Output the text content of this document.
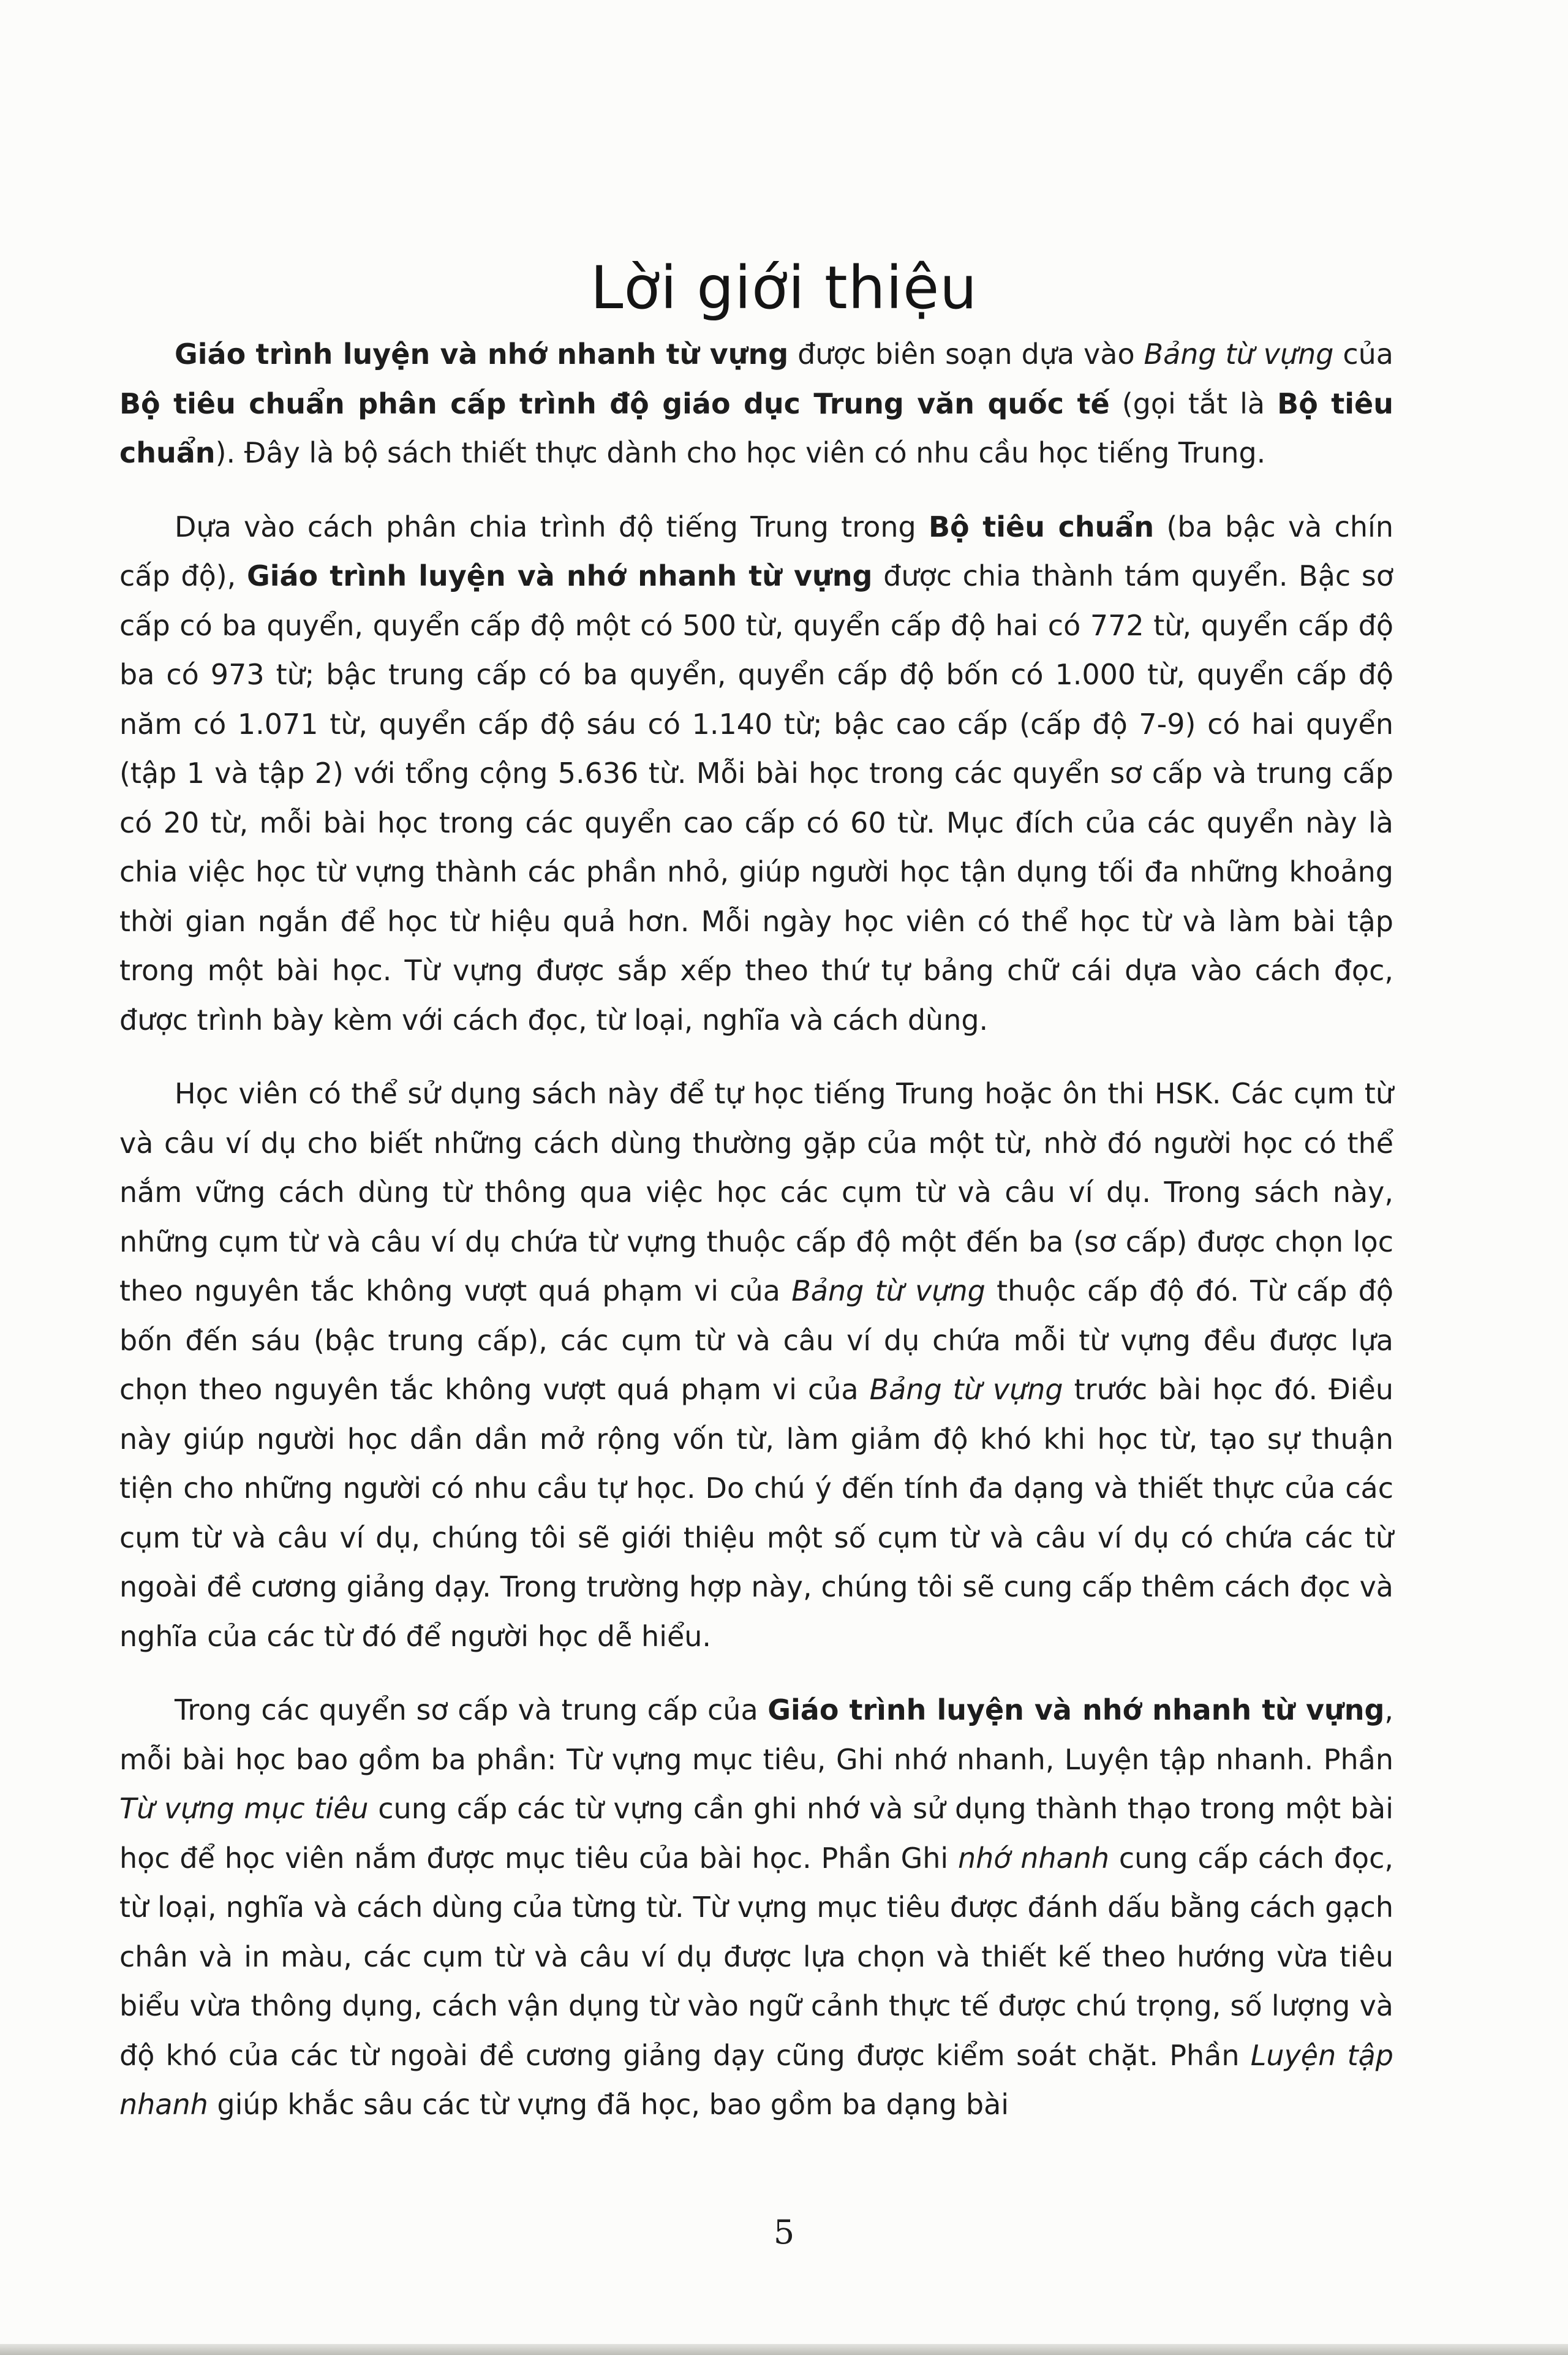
Lời giới thiệu

Giáo trình luyện và nhớ nhanh từ vựng được biên soạn dựa vào Bảng từ vựng của Bộ tiêu chuẩn phân cấp trình độ giáo dục Trung văn quốc tế (gọi tắt là Bộ tiêu chuẩn). Đây là bộ sách thiết thực dành cho học viên có nhu cầu học tiếng Trung.

Dựa vào cách phân chia trình độ tiếng Trung trong Bộ tiêu chuẩn (ba bậc và chín cấp độ), Giáo trình luyện và nhớ nhanh từ vựng được chia thành tám quyển. Bậc sơ cấp có ba quyển, quyển cấp độ một có 500 từ, quyển cấp độ hai có 772 từ, quyển cấp độ ba có 973 từ; bậc trung cấp có ba quyển, quyển cấp độ bốn có 1.000 từ, quyển cấp độ năm có 1.071 từ, quyển cấp độ sáu có 1.140 từ; bậc cao cấp (cấp độ 7-9) có hai quyển (tập 1 và tập 2) với tổng cộng 5.636 từ. Mỗi bài học trong các quyển sơ cấp và trung cấp có 20 từ, mỗi bài học trong các quyển cao cấp có 60 từ. Mục đích của các quyển này là chia việc học từ vựng thành các phần nhỏ, giúp người học tận dụng tối đa những khoảng thời gian ngắn để học từ hiệu quả hơn. Mỗi ngày học viên có thể học từ và làm bài tập trong một bài học. Từ vựng được sắp xếp theo thứ tự bảng chữ cái dựa vào cách đọc, được trình bày kèm với cách đọc, từ loại, nghĩa và cách dùng.

Học viên có thể sử dụng sách này để tự học tiếng Trung hoặc ôn thi HSK. Các cụm từ và câu ví dụ cho biết những cách dùng thường gặp của một từ, nhờ đó người học có thể nắm vững cách dùng từ thông qua việc học các cụm từ và câu ví dụ. Trong sách này, những cụm từ và câu ví dụ chứa từ vựng thuộc cấp độ một đến ba (sơ cấp) được chọn lọc theo nguyên tắc không vượt quá phạm vi của Bảng từ vựng thuộc cấp độ đó. Từ cấp độ bốn đến sáu (bậc trung cấp), các cụm từ và câu ví dụ chứa mỗi từ vựng đều được lựa chọn theo nguyên tắc không vượt quá phạm vi của Bảng từ vựng trước bài học đó. Điều này giúp người học dần dần mở rộng vốn từ, làm giảm độ khó khi học từ, tạo sự thuận tiện cho những người có nhu cầu tự học. Do chú ý đến tính đa dạng và thiết thực của các cụm từ và câu ví dụ, chúng tôi sẽ giới thiệu một số cụm từ và câu ví dụ có chứa các từ ngoài đề cương giảng dạy. Trong trường hợp này, chúng tôi sẽ cung cấp thêm cách đọc và nghĩa của các từ đó để người học dễ hiểu.

Trong các quyển sơ cấp và trung cấp của Giáo trình luyện và nhớ nhanh từ vựng, mỗi bài học bao gồm ba phần: Từ vựng mục tiêu, Ghi nhớ nhanh, Luyện tập nhanh. Phần Từ vựng mục tiêu cung cấp các từ vựng cần ghi nhớ và sử dụng thành thạo trong một bài học để học viên nắm được mục tiêu của bài học. Phần Ghi nhớ nhanh cung cấp cách đọc, từ loại, nghĩa và cách dùng của từng từ. Từ vựng mục tiêu được đánh dấu bằng cách gạch chân và in màu, các cụm từ và câu ví dụ được lựa chọn và thiết kế theo hướng vừa tiêu biểu vừa thông dụng, cách vận dụng từ vào ngữ cảnh thực tế được chú trọng, số lượng và độ khó của các từ ngoài đề cương giảng dạy cũng được kiểm soát chặt. Phần Luyện tập nhanh giúp khắc sâu các từ vựng đã học, bao gồm ba dạng bài

5
